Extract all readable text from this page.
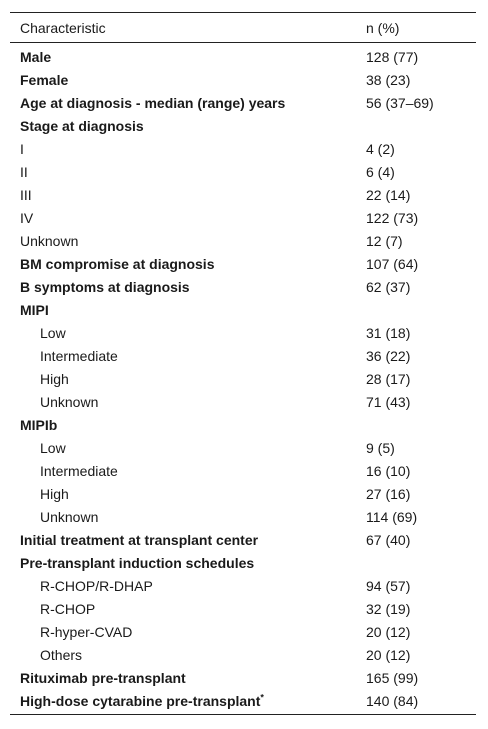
Characteristic	n (%)
Male	128 (77)
Female	38 (23)
Age at diagnosis - median (range) years	56 (37–69)
Stage at diagnosis	
I	4 (2)
II	6 (4)
III	22 (14)
IV	122 (73)
Unknown	12 (7)
BM compromise at diagnosis	107 (64)
B symptoms at diagnosis	62 (37)
MIPI	
Low	31 (18)
Intermediate	36 (22)
High	28 (17)
Unknown	71 (43)
MIPIb	
Low	9 (5)
Intermediate	16 (10)
High	27 (16)
Unknown	114 (69)
Initial treatment at transplant center	67 (40)
Pre-transplant induction schedules	
R-CHOP/R-DHAP	94 (57)
R-CHOP	32 (19)
R-hyper-CVAD	20 (12)
Others	20 (12)
Rituximab pre-transplant	165 (99)
High-dose cytarabine pre-transplant*	140 (84)
